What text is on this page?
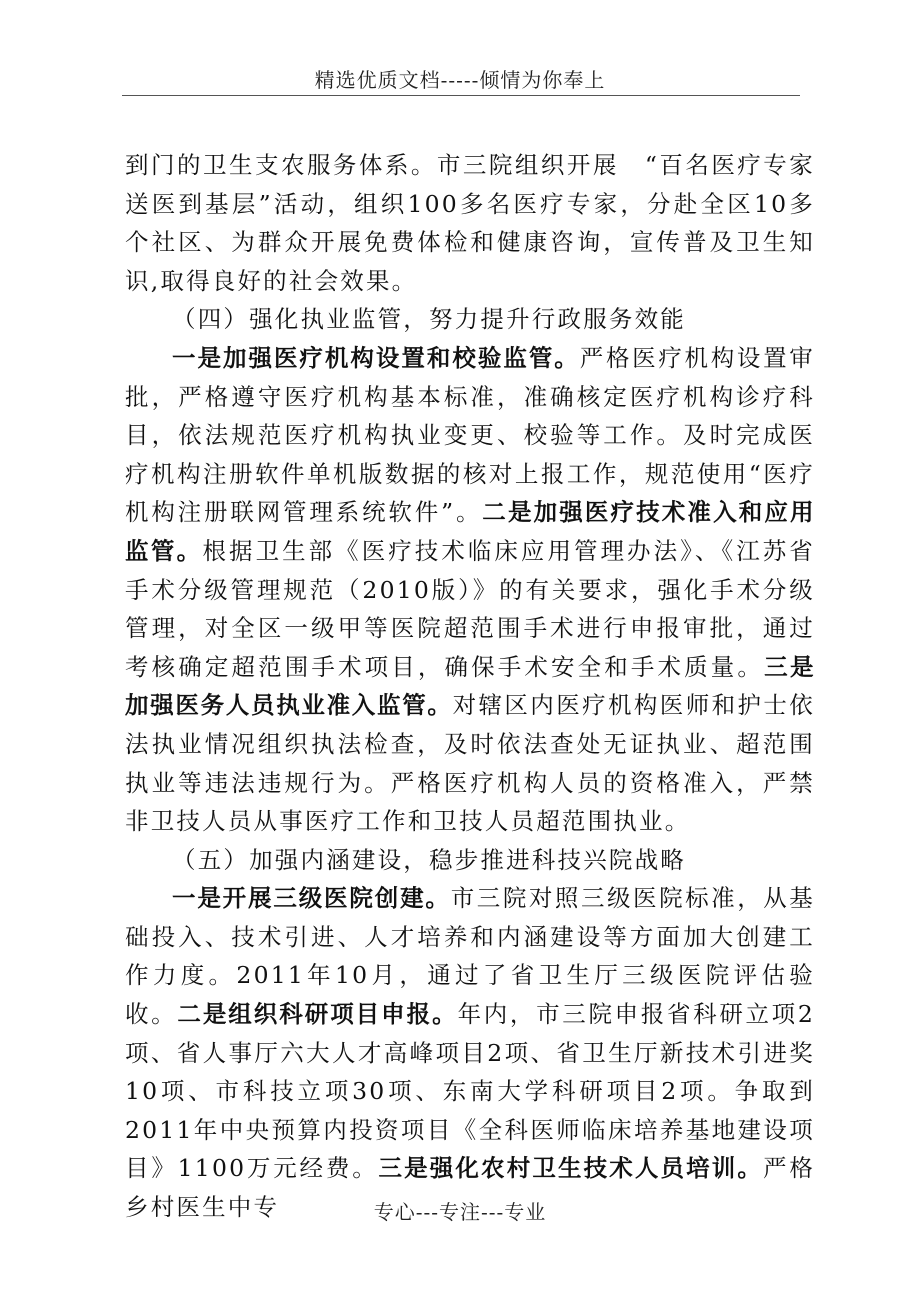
精选优质文档-----倾情为你奉上

到门的卫生支农服务体系。市三院组织开展　“百名医疗专家送医到基层”活动，组织100多名医疗专家，分赴全区10多个社区、为群众开展免费体检和健康咨询，宣传普及卫生知识,取得良好的社会效果。

（四）强化执业监管，努力提升行政服务效能

一是加强医疗机构设置和校验监管。严格医疗机构设置审批，严格遵守医疗机构基本标准，准确核定医疗机构诊疗科目，依法规范医疗机构执业变更、校验等工作。及时完成医疗机构注册软件单机版数据的核对上报工作，规范使用“医疗机构注册联网管理系统软件”。二是加强医疗技术准入和应用监管。根据卫生部《医疗技术临床应用管理办法》、《江苏省手术分级管理规范（2010版）》的有关要求，强化手术分级管理，对全区一级甲等医院超范围手术进行申报审批，通过考核确定超范围手术项目，确保手术安全和手术质量。三是加强医务人员执业准入监管。对辖区内医疗机构医师和护士依法执业情况组织执法检查，及时依法查处无证执业、超范围执业等违法违规行为。严格医疗机构人员的资格准入，严禁非卫技人员从事医疗工作和卫技人员超范围执业。

（五）加强内涵建设，稳步推进科技兴院战略

一是开展三级医院创建。市三院对照三级医院标准，从基础投入、技术引进、人才培养和内涵建设等方面加大创建工作力度。2011年10月，通过了省卫生厅三级医院评估验收。二是组织科研项目申报。年内，市三院申报省科研立项2项、省人事厅六大人才高峰项目2项、省卫生厅新技术引进奖10项、市科技立项30项、东南大学科研项目2项。争取到2011年中央预算内投资项目《全科医师临床培养基地建设项目》1100万元经费。三是强化农村卫生技术人员培训。严格乡村医生中专	专心---专注---专业
